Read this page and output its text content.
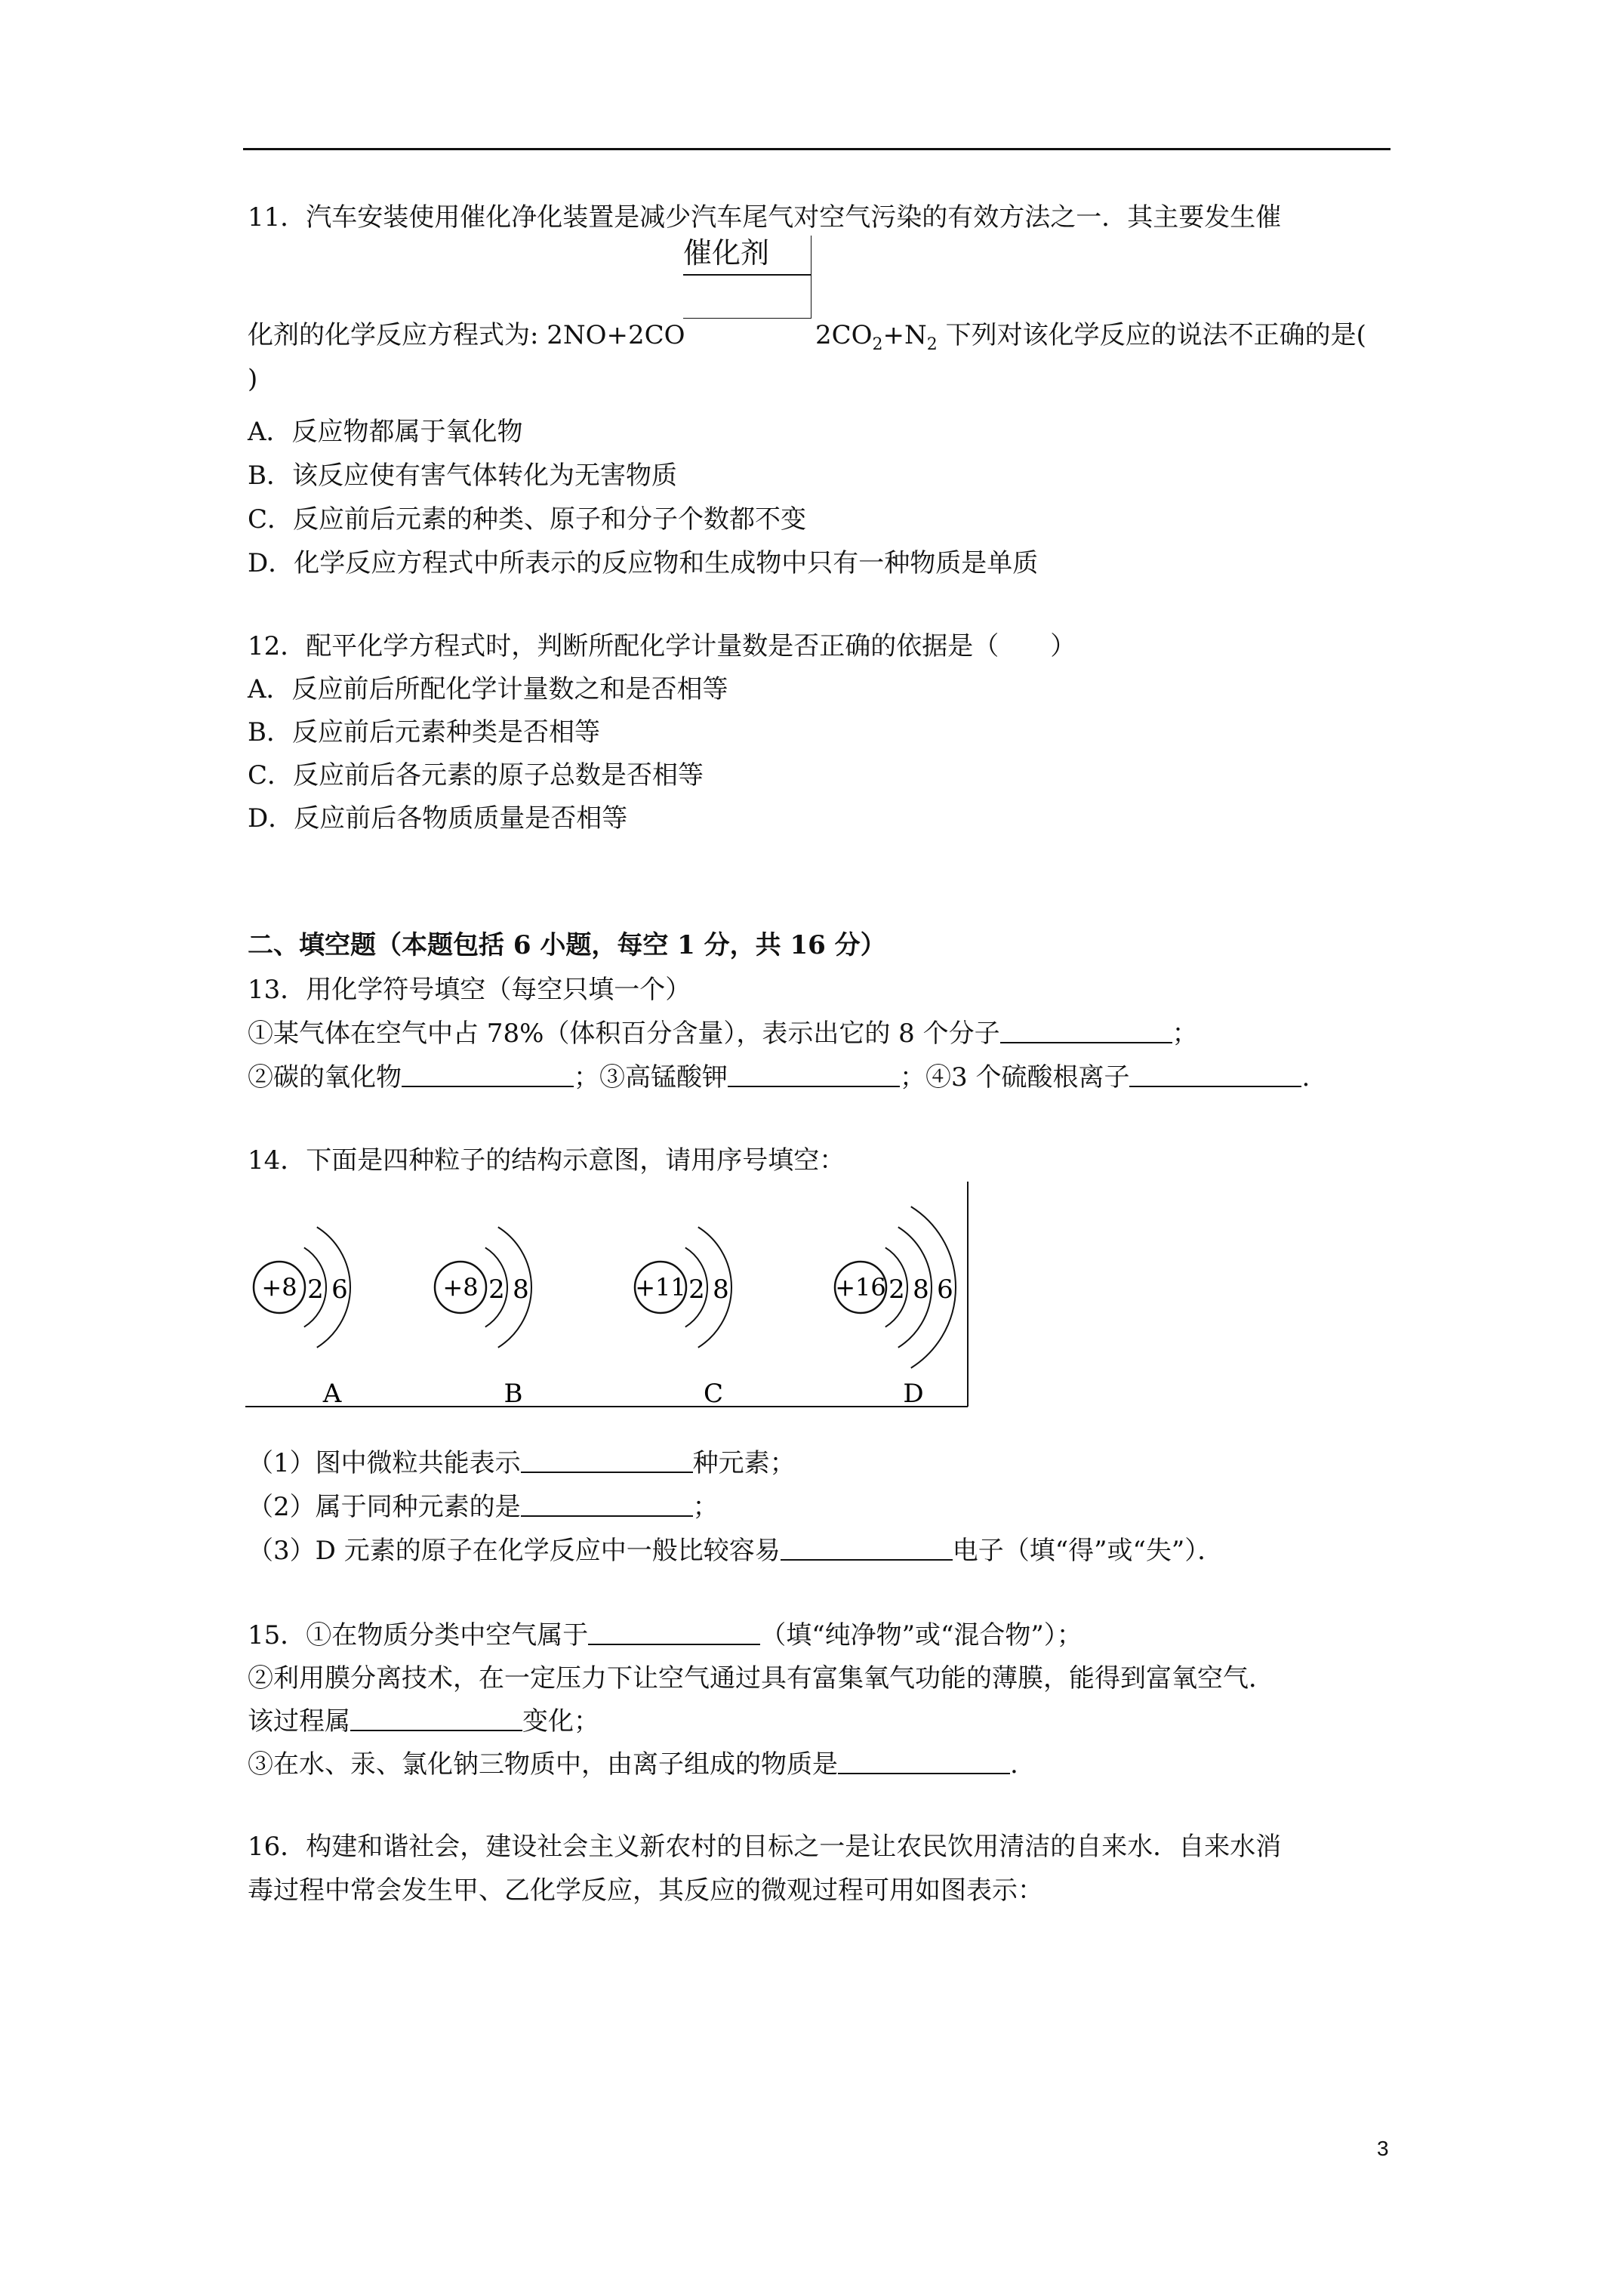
11．汽车安装使用催化净化装置是减少汽车尾气对空气污染的有效方法之一．其主要发生催
催化剂
化剂的化学反应方程式为: 2NO+2CO	$2CO_2+N_2$ 下列对该化学反应的说法不正确的是(
)
A．反应物都属于氧化物
B．该反应使有害气体转化为无害物质
C．反应前后元素的种类、原子和分子个数都不变
D．化学反应方程式中所表示的反应物和生成物中只有一种物质是单质
12．配平化学方程式时，判断所配化学计量数是否正确的依据是（　　）
A．反应前后所配化学计量数之和是否相等
B．反应前后元素种类是否相等
C．反应前后各元素的原子总数是否相等
D．反应前后各物质质量是否相等
二、填空题（本题包括 6 小题，每空 1 分，共 16 分）
13．用化学符号填空（每空只填一个）
①某气体在空气中占 78%（体积百分含量），表示出它的 8 个分子	；
②碳的氧化物	；③高锰酸钾	；④3 个硫酸根离子	.
14．下面是四种粒子的结构示意图，请用序号填空：
+8 2 6
A
+8 2 8
B
+11 2 8
C
+16 2 8 6
D
（1）图中微粒共能表示	种元素；
（2）属于同种元素的是	；
（3）D 元素的原子在化学反应中一般比较容易	电子（填“得”或“失”）．
15．①在物质分类中空气属于	（填“纯净物”或“混合物”）；
②利用膜分离技术，在一定压力下让空气通过具有富集氧气功能的薄膜，能得到富氧空气．
该过程属	变化；
③在水、汞、氯化钠三物质中，由离子组成的物质是	.
16．构建和谐社会，建设社会主义新农村的目标之一是让农民饮用清洁的自来水．自来水消
毒过程中常会发生甲、乙化学反应，其反应的微观过程可用如图表示：
3
